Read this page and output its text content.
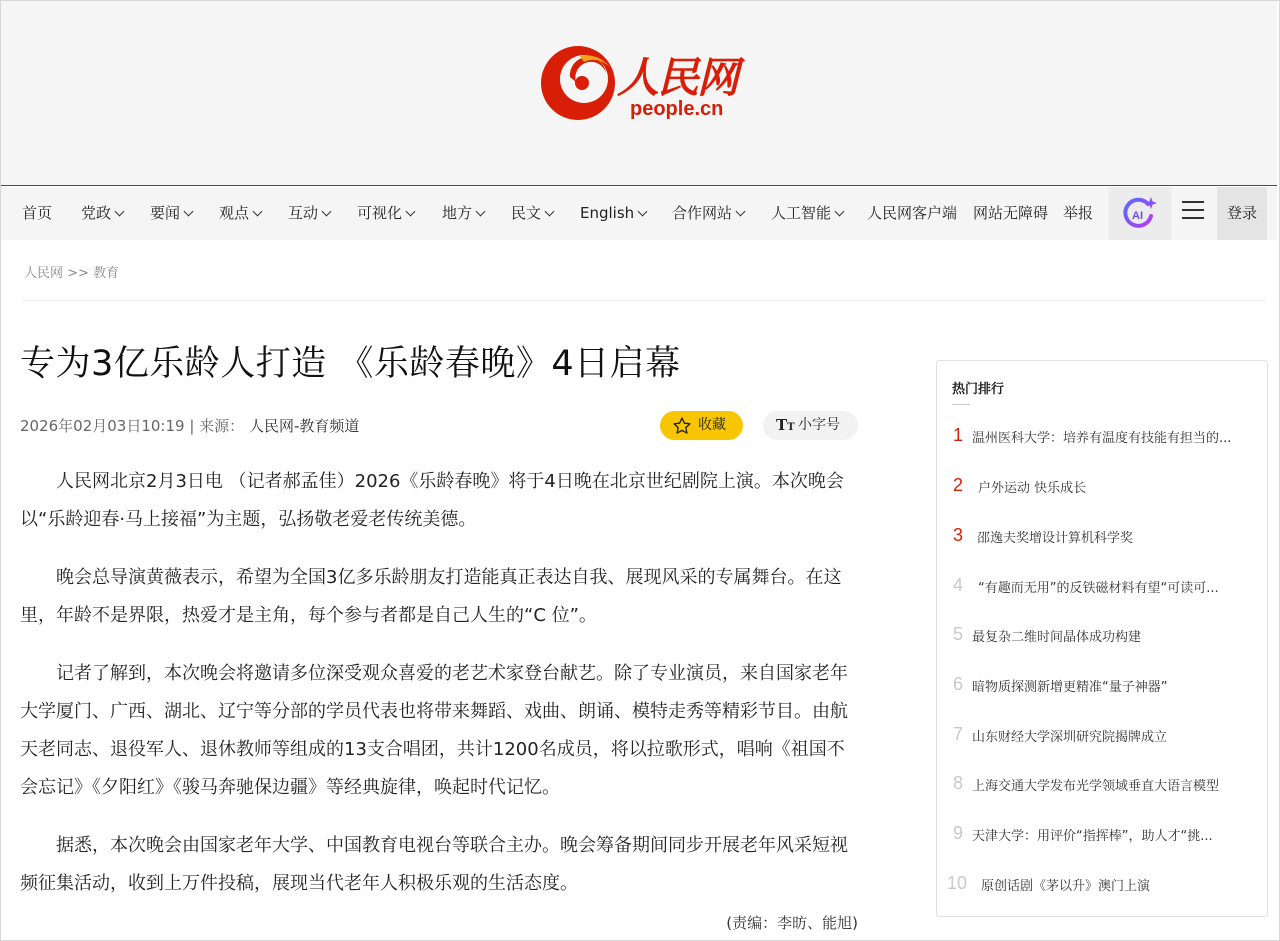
人民网
people.cn
首页 党政	要闻	观点	互动	可视化	地方	民文	English	合作网站	人工智能	人民网客户端 网站无障碍 举报	AI	登录
人民网 >> 教育
专为3亿乐龄人打造 《乐龄春晚》4日启幕
2026年02月03日10:19 | 来源： 人民网-教育频道	收藏	TT 小字号

人民网北京2月3日电 （记者郝孟佳）2026《乐龄春晚》将于4日晚在北京世纪剧院上演。本次晚会以“乐龄迎春·马上接福”为主题，弘扬敬老爱老传统美德。

晚会总导演黄薇表示，希望为全国3亿多乐龄朋友打造能真正表达自我、展现风采的专属舞台。在这里，年龄不是界限，热爱才是主角，每个参与者都是自己人生的“C 位”。

记者了解到，本次晚会将邀请多位深受观众喜爱的老艺术家登台献艺。除了专业演员，来自国家老年大学厦门、广西、湖北、辽宁等分部的学员代表也将带来舞蹈、戏曲、朗诵、模特走秀等精彩节目。由航天老同志、退役军人、退休教师等组成的13支合唱团，共计1200名成员，将以拉歌形式，唱响《祖国不会忘记》《夕阳红》《骏马奔驰保边疆》等经典旋律，唤起时代记忆。

据悉，本次晚会由国家老年大学、中国教育电视台等联合主办。晚会筹备期间同步开展老年风采短视频征集活动，收到上万件投稿，展现当代老年人积极乐观的生活态度。

(责编：李昉、能旭)
热门排行
1 温州医科大学：培养有温度有技能有担当的...
2 户外运动 快乐成长
3 邵逸夫奖增设计算机科学奖
4 “有趣而无用”的反铁磁材料有望“可读可...
5 最复杂二维时间晶体成功构建
6 暗物质探测新增更精准“量子神器”
7 山东财经大学深圳研究院揭牌成立
8 上海交通大学发布光学领域垂直大语言模型
9 天津大学：用评价“指挥棒”，助人才“挑...
10 原创话剧《茅以升》澳门上演
